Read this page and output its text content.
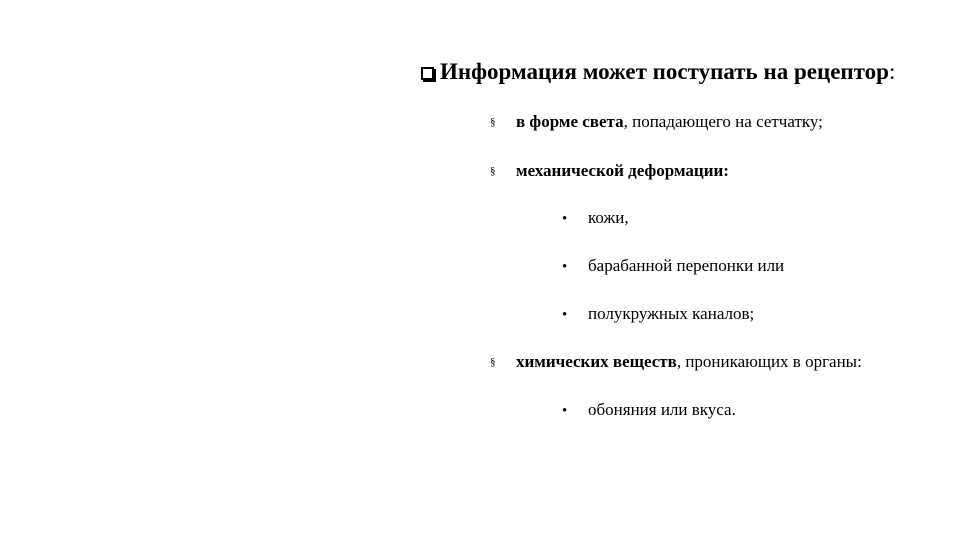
Информация может поступать на рецептор:
§ в форме света, попадающего на сетчатку;
§ механической деформации:
• кожи,
• барабанной перепонки или
• полукружных каналов;
§ химических веществ, проникающих в органы:
• обоняния или вкуса.
